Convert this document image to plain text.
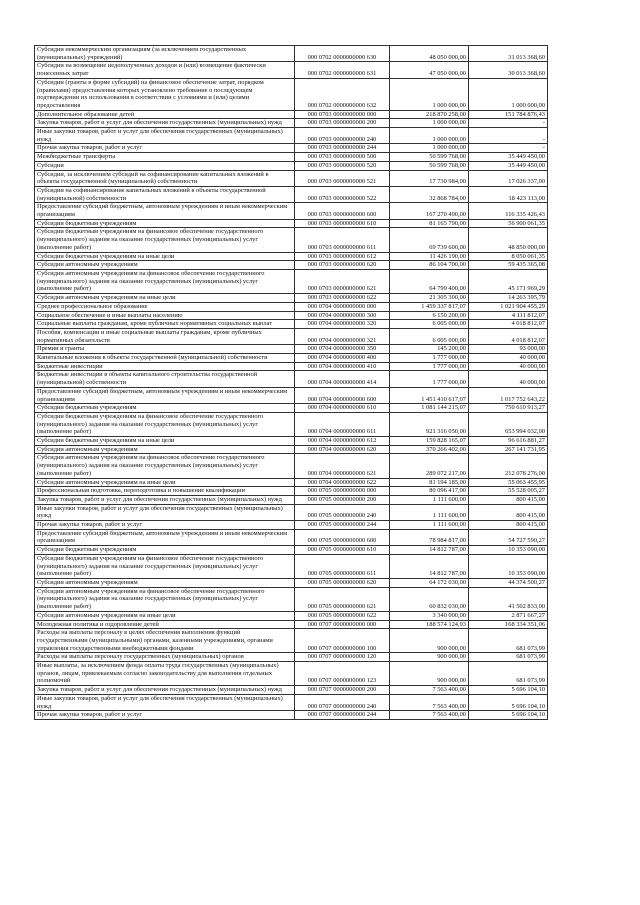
Субсидии некоммерческим организациям (за исключением государственных (муниципальных) учреждений)	000 0702 0000000000 630	48 050 000,00	31 013 368,60
Субсидии на возмещение недополученных доходов и (или) возмещение фактически понесенных затрат	000 0702 0000000000 631	47 050 000,00	30 013 368,60
Субсидии (гранты в форме субсидий) на финансовое обеспечение затрат, порядком (правилами) предоставления которых установлено требование о последующем подтверждении их использования в соответствии с условиями и (или) целями предоставления	000 0702 0000000000 632	1 000 000,00	1 000 000,00
Дополнительное образование детей	000 0703 0000000000 000	218 870 258,00	151 784 876,43
Закупка товаров, работ и услуг для обеспечения государственных (муниципальных) нужд	000 0703 0000000000 200	1 000 000,00	-
Иные закупки товаров, работ и услуг для обеспечения государственных (муниципальных) нужд	000 0703 0000000000 240	1 000 000,00	-
Прочая закупка товаров, работ и услуг	000 0703 0000000000 244	1 000 000,00	-
Межбюджетные трансферты	000 0703 0000000000 500	50 599 768,00	35 449 450,00
Субсидии	000 0703 0000000000 520	50 599 768,00	35 449 450,00
Субсидии, за исключением субсидий на софинансирование капитальных вложений в объекты государственной (муниципальной) собственности	000 0703 0000000000 521	17 730 984,00	17 026 337,00
Субсидии на софинансирование капитальных вложений в объекты государственной (муниципальной) собственности	000 0703 0000000000 522	32 868 784,00	18 423 113,00
Предоставление субсидий бюджетным, автономным учреждениям и иным некоммерческим организациям	000 0703 0000000000 600	167 270 490,00	116 335 426,43
Субсидии бюджетным учреждениям	000 0703 0000000000 610	81 165 790,00	56 900 061,35
Субсидии бюджетным учреждениям на финансовое обеспечение государственного (муниципального) задания на оказание государственных (муниципальных) услуг (выполнение работ)	000 0703 0000000000 611	69 739 600,00	48 850 000,00
Субсидии бюджетным учреждениям на иные цели	000 0703 0000000000 612	11 426 190,00	8 050 061,35
Субсидии автономным учреждениям	000 0703 0000000000 620	86 104 700,00	59 435 365,08
Субсидии автономным учреждениям на финансовое обеспечение государственного (муниципального) задания на оказание государственных (муниципальных) услуг (выполнение работ)	000 0703 0000000000 621	64 799 400,00	45 171 969,29
Субсидии автономным учреждениям на иные цели	000 0703 0000000000 622	21 305 300,00	14 263 395,79
Среднее профессиональное образование	000 0704 0000000000 000	1 459 337 817,07	1 021 904 455,29
Социальное обеспечение и иные выплаты населению	000 0704 0000000000 300	6 150 200,00	4 111 812,07
Социальные выплаты гражданам, кроме публичных нормативных социальных выплат	000 0704 0000000000 320	6 005 000,00	4 018 812,07
Пособия, компенсации и иные социальные выплаты гражданам, кроме публичных нормативных обязательств	000 0704 0000000000 321	6 005 000,00	4 018 812,07
Премии и гранты	000 0704 0000000000 350	145 200,00	93 000,00
Капитальные вложения в объекты государственной (муниципальной) собственности	000 0704 0000000000 400	1 777 000,00	40 000,00
Бюджетные инвестиции	000 0704 0000000000 410	1 777 000,00	40 000,00
Бюджетные инвестиции в объекты капитального строительства государственной (муниципальной) собственности	000 0704 0000000000 414	1 777 000,00	40 000,00
Предоставление субсидий бюджетным, автономным учреждениям и иным некоммерческим организациям	000 0704 0000000000 600	1 451 410 617,07	1 017 752 643,22
Субсидии бюджетным учреждениям	000 0704 0000000000 610	1 081 144 215,07	750 610 913,27
Субсидии бюджетным учреждениям на финансовое обеспечение государственного (муниципального) задания на оказание государственных (муниципальных) услуг (выполнение работ)	000 0704 0000000000 611	921 316 050,00	653 994 032,00
Субсидии бюджетным учреждениям на иные цели	000 0704 0000000000 612	159 828 165,07	96 616 881,27
Субсидии автономным учреждениям	000 0704 0000000000 620	370 266 402,00	267 141 731,95
Субсидии автономным учреждениям на финансовое обеспечение государственного (муниципального) задания на оказание государственных (муниципальных) услуг (выполнение работ)	000 0704 0000000000 621	289 072 217,00	212 078 276,00
Субсидии автономным учреждениям на иные цели	000 0704 0000000000 622	81 194 185,00	55 063 455,95
Профессиональная подготовка, переподготовка и повышение квалификации	000 0705 0000000000 000	80 096 417,00	55 528 005,27
Закупка товаров, работ и услуг для обеспечения государственных (муниципальных) нужд	000 0705 0000000000 200	1 111 600,00	800 415,00
Иные закупки товаров, работ и услуг для обеспечения государственных (муниципальных) нужд	000 0705 0000000000 240	1 111 600,00	800 415,00
Прочая закупка товаров, работ и услуг	000 0705 0000000000 244	1 111 600,00	800 415,00
Предоставление субсидий бюджетным, автономным учреждениям и иным некоммерческим организациям	000 0705 0000000000 600	78 984 817,00	54 727 590,27
Субсидии бюджетным учреждениям	000 0705 0000000000 610	14 812 787,00	10 353 090,00
Субсидии бюджетным учреждениям на финансовое обеспечение государственного (муниципального) задания на оказание государственных (муниципальных) услуг (выполнение работ)	000 0705 0000000000 611	14 812 787,00	10 353 090,00
Субсидии автономным учреждениям	000 0705 0000000000 620	64 172 030,00	44 374 500,27
Субсидии автономным учреждениям на финансовое обеспечение государственного (муниципального) задания на оказание государственных (муниципальных) услуг (выполнение работ)	000 0705 0000000000 621	60 832 030,00	41 502 833,00
Субсидии автономным учреждениям на иные цели	000 0705 0000000000 622	3 340 000,00	2 871 667,27
Молодежная политика и оздоровление детей	000 0707 0000000000 000	188 574 124,93	168 334 351,06
Расходы на выплаты персоналу в целях обеспечения выполнения функций государственными (муниципальными) органами, казенными учреждениями, органами управления государственными внебюджетными фондами	000 0707 0000000000 100	900 000,00	681 073,99
Расходы на выплаты персоналу государственных (муниципальных) органов	000 0707 0000000000 120	900 000,00	681 073,99
Иные выплаты, за исключением фонда оплаты труда государственных (муниципальных) органов, лицам, привлекаемым согласно законодательству для выполнения отдельных полномочий	000 0707 0000000000 123	900 000,00	681 073,99
Закупка товаров, работ и услуг для обеспечения государственных (муниципальных) нужд	000 0707 0000000000 200	7 563 400,00	5 696 104,10
Иные закупки товаров, работ и услуг для обеспечения государственных (муниципальных) нужд	000 0707 0000000000 240	7 563 400,00	5 696 104,10
Прочая закупка товаров, работ и услуг	000 0707 0000000000 244	7 563 400,00	5 696 104,10
